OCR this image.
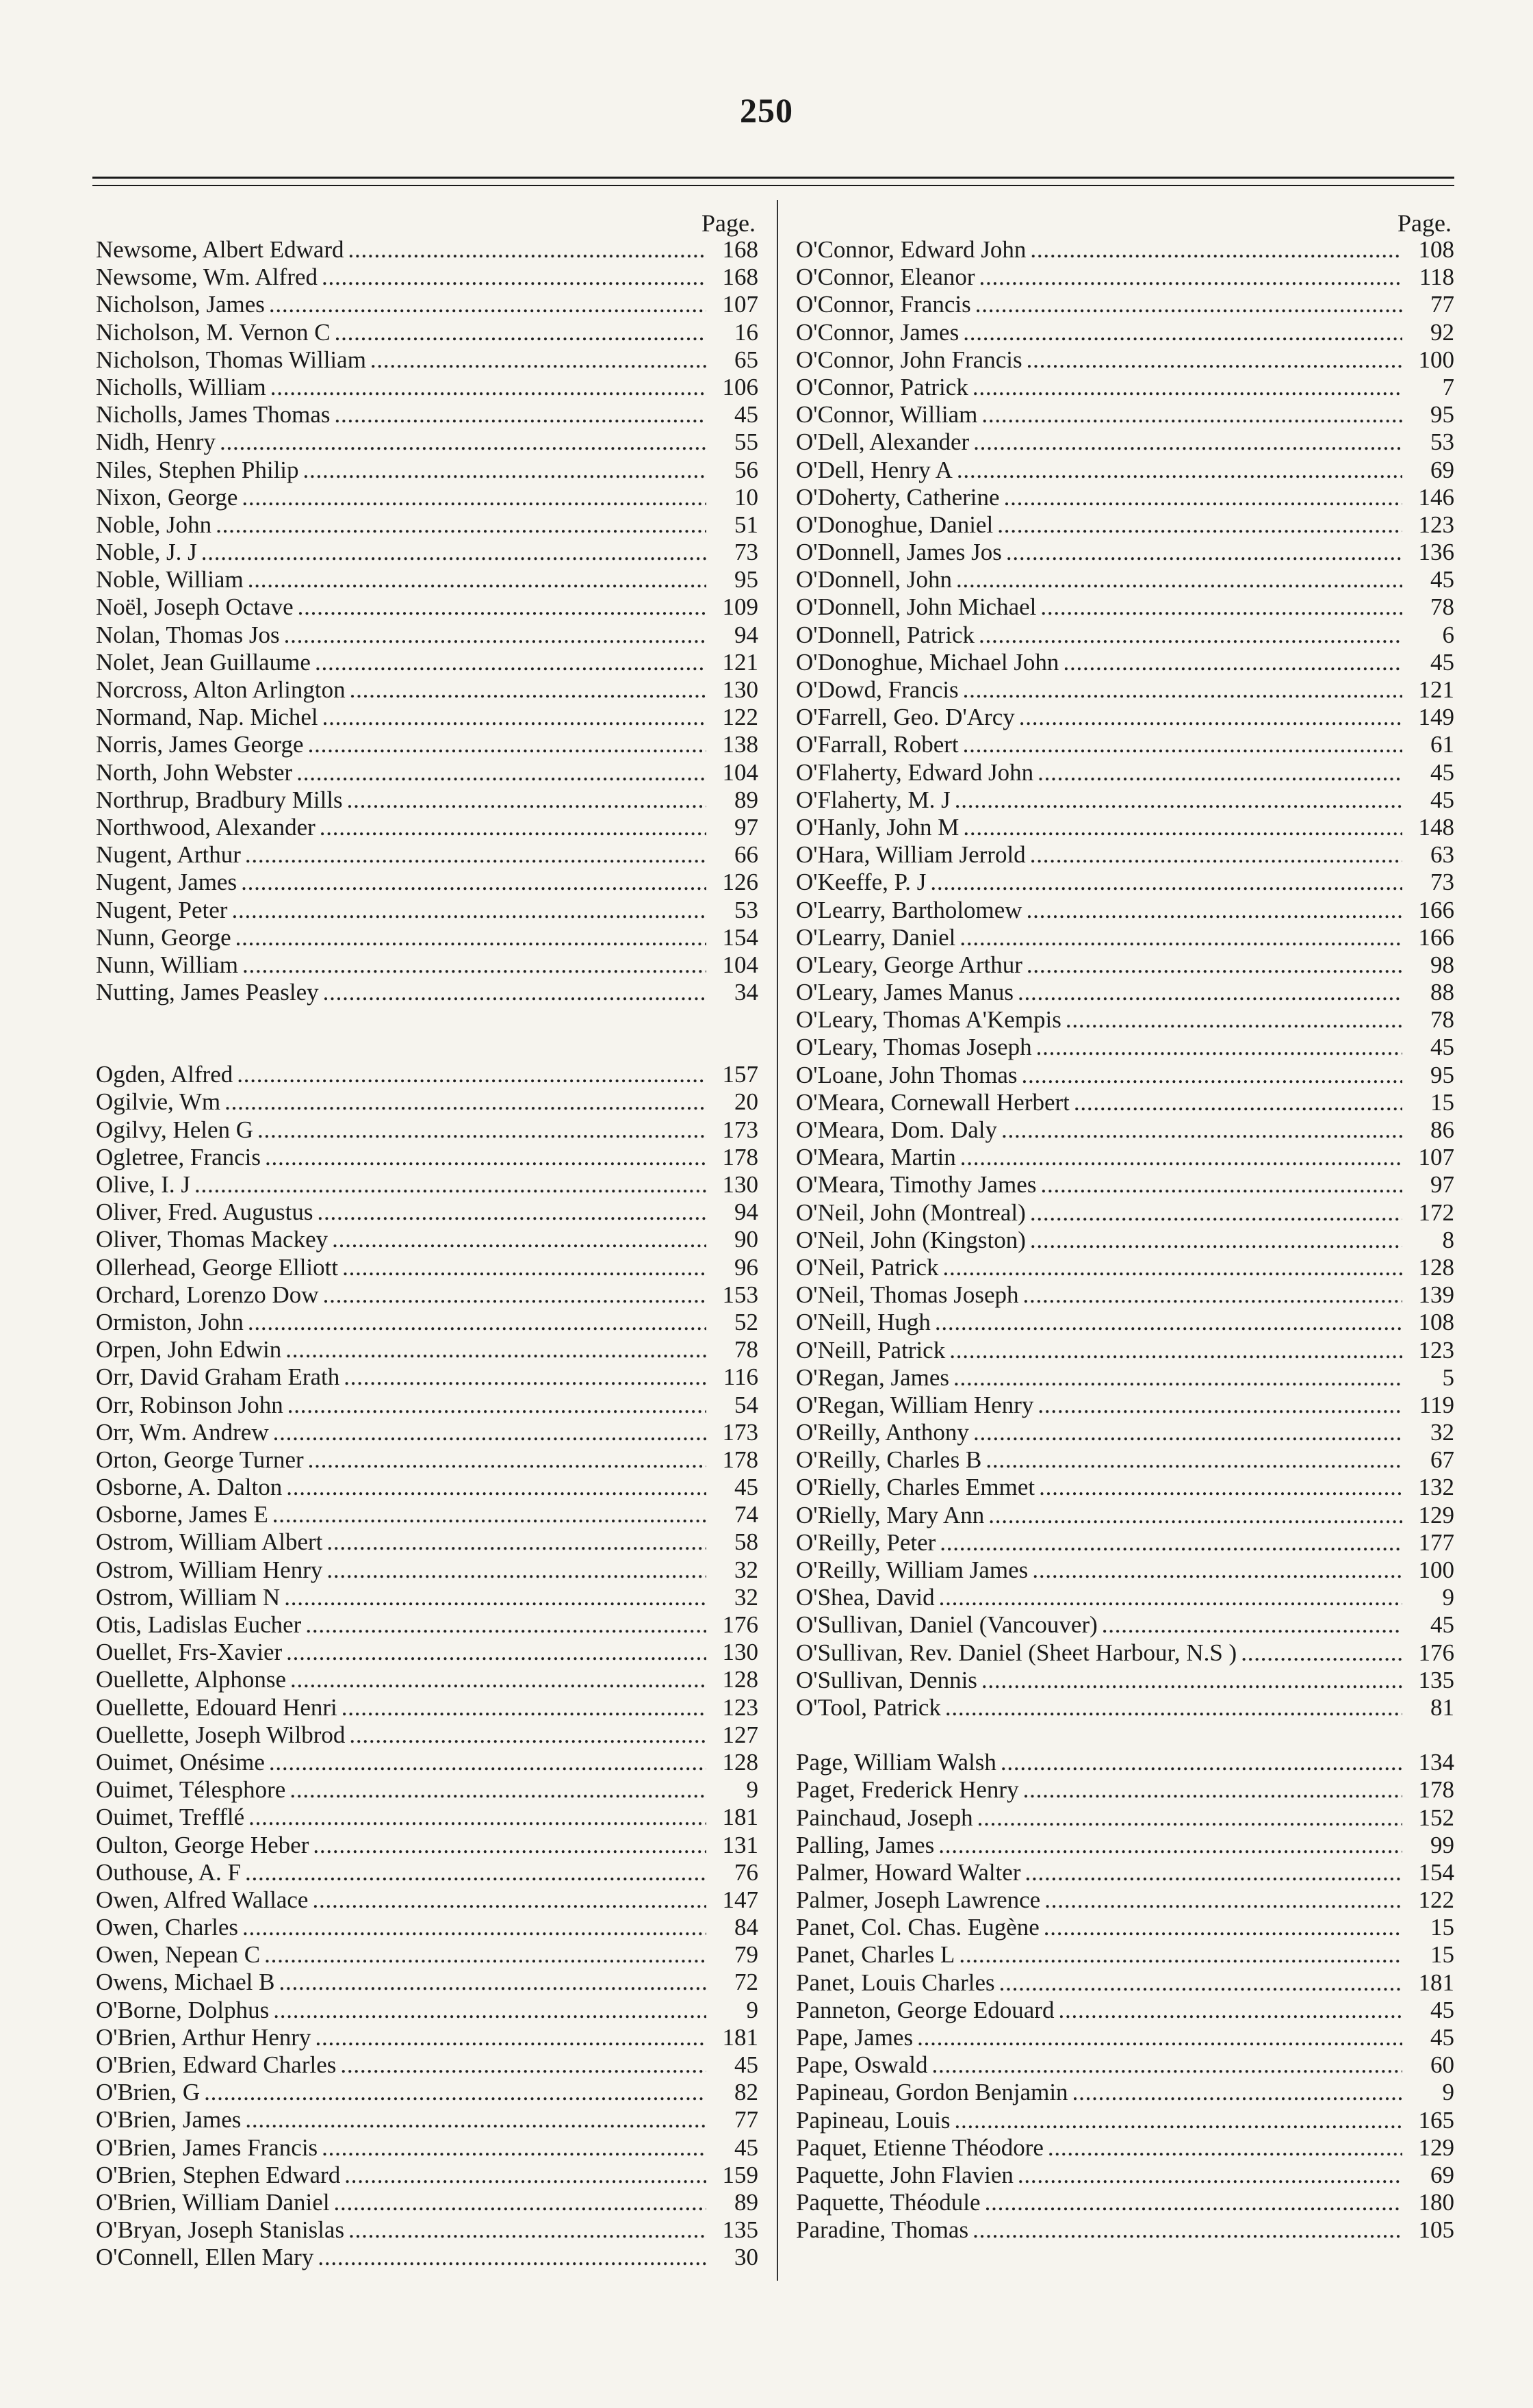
250
Page.
Newsome, Albert Edward . . .	168
Newsome, Wm. Alfred . . .	168
Nicholson, James . . .	107
Nicholson, M. Vernon C . . .	16
Nicholson, Thomas William . . .	65
Nicholls, William . . .	106
Nicholls, James Thomas . . .	45
Nidh, Henry . . .	55
Niles, Stephen Philip . . .	56
Nixon, George . . .	10
Noble, John . . .	51
Noble, J. J . . .	73
Noble, William . . .	95
Noël, Joseph Octave . . .	109
Nolan, Thomas Jos . . .	94
Nolet, Jean Guillaume . . .	121
Norcross, Alton Arlington . . .	130
Normand, Nap. Michel . . .	122
Norris, James George . . .	138
North, John Webster . . .	104
Northrup, Bradbury Mills . . .	89
Northwood, Alexander . . .	97
Nugent, Arthur . . .	66
Nugent, James . . .	126
Nugent, Peter . . .	53
Nunn, George . . .	154
Nunn, William . . .	104
Nutting, James Peasley . . .	34
Ogden, Alfred . . .	157
Ogilvie, Wm . . .	20
Ogilvy, Helen G . . .	173
Ogletree, Francis . . .	178
Olive, I. J . . .	130
Oliver, Fred. Augustus . . .	94
Oliver, Thomas Mackey . . .	90
Ollerhead, George Elliott . . .	96
Orchard, Lorenzo Dow . . .	153
Ormiston, John . . .	52
Orpen, John Edwin . . .	78
Orr, David Graham Erath . . .	116
Orr, Robinson John . . .	54
Orr, Wm. Andrew . . .	173
Orton, George Turner . . .	178
Osborne, A. Dalton . . .	45
Osborne, James E . . .	74
Ostrom, William Albert . . .	58
Ostrom, William Henry . . .	32
Ostrom, William N . . .	32
Otis, Ladislas Eucher . . .	176
Ouellet, Frs-Xavier . . .	130
Ouellette, Alphonse . . .	128
Ouellette, Edouard Henri . . .	123
Ouellette, Joseph Wilbrod . . .	127
Ouimet, Onésime . . .	128
Ouimet, Télesphore . . .	9
Ouimet, Trefflé . . .	181
Oulton, George Heber . . .	131
Outhouse, A. F . . .	76
Owen, Alfred Wallace . . .	147
Owen, Charles . . .	84
Owen, Nepean C . . .	79
Owens, Michael B . . .	72
O'Borne, Dolphus . . .	9
O'Brien, Arthur Henry . . .	181
O'Brien, Edward Charles . . .	45
O'Brien, G . . .	82
O'Brien, James . . .	77
O'Brien, James Francis . . .	45
O'Brien, Stephen Edward . . .	159
O'Brien, William Daniel . . .	89
O'Bryan, Joseph Stanislas . . .	135
O'Connell, Ellen Mary . . .	30
Page.
O'Connor, Edward John . . .	108
O'Connor, Eleanor . . .	118
O'Connor, Francis . . .	77
O'Connor, James . . .	92
O'Connor, John Francis . . .	100
O'Connor, Patrick . . .	7
O'Connor, William . . .	95
O'Dell, Alexander . . .	53
O'Dell, Henry A . . .	69
O'Doherty, Catherine . . .	146
O'Donoghue, Daniel . . .	123
O'Donnell, James Jos . . .	136
O'Donnell, John . . .	45
O'Donnell, John Michael . . .	78
O'Donnell, Patrick . . .	6
O'Donoghue, Michael John . . .	45
O'Dowd, Francis . . .	121
O'Farrell, Geo. D'Arcy . . .	149
O'Farrall, Robert . . .	61
O'Flaherty, Edward John . . .	45
O'Flaherty, M. J . . .	45
O'Hanly, John M . . .	148
O'Hara, William Jerrold . . .	63
O'Keeffe, P. J . . .	73
O'Learry, Bartholomew . . .	166
O'Learry, Daniel . . .	166
O'Leary, George Arthur . . .	98
O'Leary, James Manus . . .	88
O'Leary, Thomas A'Kempis . . .	78
O'Leary, Thomas Joseph . . .	45
O'Loane, John Thomas . . .	95
O'Meara, Cornewall Herbert . . .	15
O'Meara, Dom. Daly . . .	86
O'Meara, Martin . . .	107
O'Meara, Timothy James . . .	97
O'Neil, John (Montreal) . . .	172
O'Neil, John (Kingston) . . .	8
O'Neil, Patrick . . .	128
O'Neil, Thomas Joseph . . .	139
O'Neill, Hugh . . .	108
O'Neill, Patrick . . .	123
O'Regan, James . . .	5
O'Regan, William Henry . . .	119
O'Reilly, Anthony . . .	32
O'Reilly, Charles B . . .	67
O'Rielly, Charles Emmet . . .	132
O'Rielly, Mary Ann . . .	129
O'Reilly, Peter . . .	177
O'Reilly, William James . . .	100
O'Shea, David . . .	9
O'Sullivan, Daniel (Vancouver) . . .	45
O'Sullivan, Rev. Daniel (Sheet Harbour, N.S ) . . .	176
O'Sullivan, Dennis . . .	135
O'Tool, Patrick . . .	81
Page, William Walsh . . .	134
Paget, Frederick Henry . . .	178
Painchaud, Joseph . . .	152
Palling, James . . .	99
Palmer, Howard Walter . . .	154
Palmer, Joseph Lawrence . . .	122
Panet, Col. Chas. Eugène . . .	15
Panet, Charles L . . .	15
Panet, Louis Charles . . .	181
Panneton, George Edouard . . .	45
Pape, James . . .	45
Pape, Oswald . . .	60
Papineau, Gordon Benjamin . . .	9
Papineau, Louis . . .	165
Paquet, Etienne Théodore . . .	129
Paquette, John Flavien . . .	69
Paquette, Théodule . . .	180
Paradine, Thomas . . .	105
